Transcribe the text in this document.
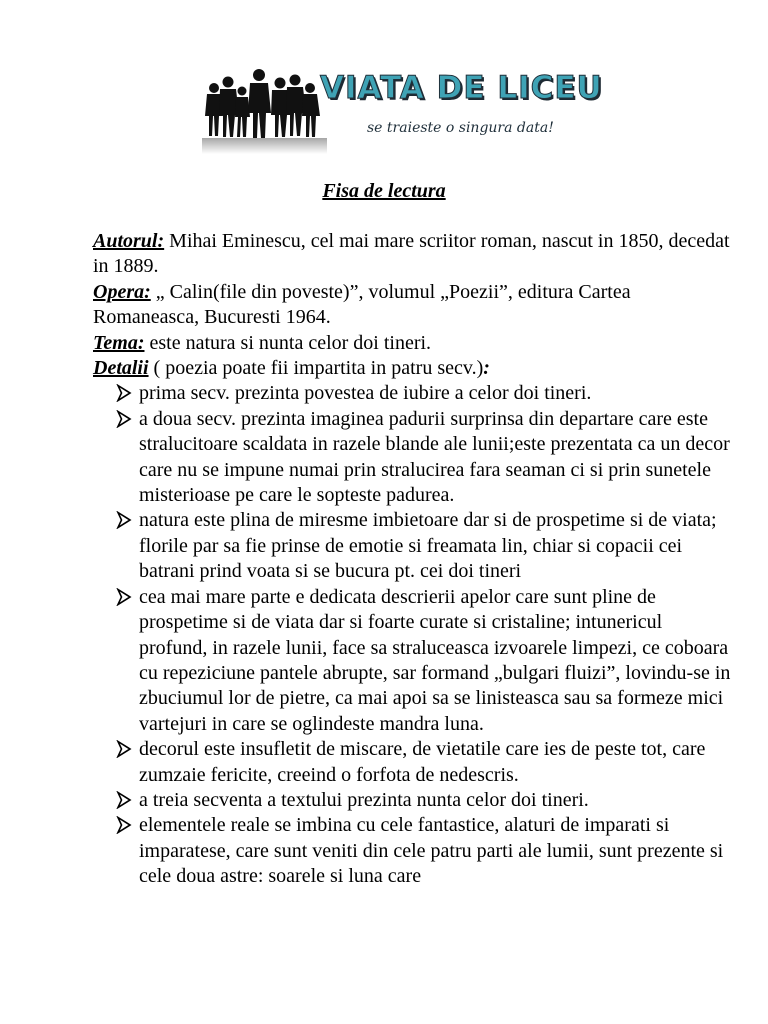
VIATA DE LICEU
se traieste o singura data!
Fisa de lectura

Autorul: Mihai Eminescu, cel mai mare scriitor roman, nascut in 1850, decedat in 1889.

Opera: „ Calin(file din poveste)”, volumul „Poezii”, editura Cartea Romaneasca, Bucuresti 1964.

Tema: este natura si nunta celor doi tineri.

Detalii ( poezia poate fii impartita in patru secv.):

prima secv. prezinta povestea de iubire a celor doi tineri.
a doua secv. prezinta imaginea padurii surprinsa din departare care este stralucitoare scaldata in razele blande ale lunii;este prezentata ca un decor care nu se impune numai prin stralucirea fara seaman ci si prin sunetele misterioase pe care le sopteste padurea.
natura este plina de miresme imbietoare dar si de prospetime si de viata; florile par sa fie prinse de emotie si freamata lin, chiar si copacii cei batrani prind voata si se bucura pt. cei doi tineri
cea mai mare parte e dedicata descrierii apelor care sunt pline de prospetime si de viata dar si foarte curate si cristaline; intunericul profund, in razele lunii, face sa straluceasca izvoarele limpezi, ce coboara cu repeziciune pantele abrupte, sar formand „bulgari fluizi”, lovindu-se in zbuciumul lor de pietre, ca mai apoi sa se linisteasca sau sa formeze mici vartejuri in care se oglindeste mandra luna.
decorul este insufletit de miscare, de vietatile care ies de peste tot, care zumzaie fericite, creeind o forfota de nedescris.
a treia secventa a textului prezinta nunta celor doi tineri.
elementele reale se imbina cu cele fantastice, alaturi de imparati si imparatese, care sunt veniti din cele patru parti ale lumii, sunt prezente si cele doua astre: soarele si luna care
